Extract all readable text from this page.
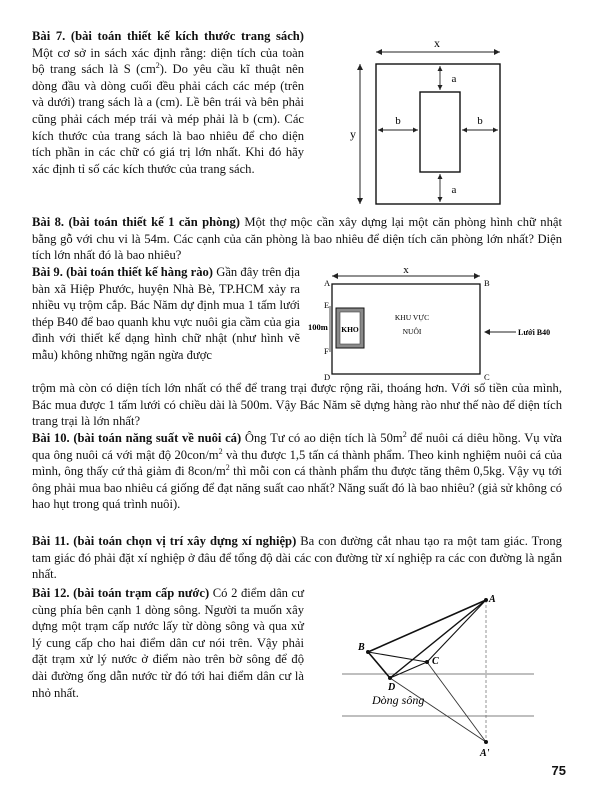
Bài 7. (bài toán thiết kế kích thước trang sách) Một cơ sở in sách xác định rằng: diện tích của toàn bộ trang sách là S $(cm^2)$. Do yêu cầu kĩ thuật nên dòng đầu và dòng cuối đều phải cách các mép (trên và dưới) trang sách là a (cm). Lề bên trái và bên phải cũng phải cách mép trái và mép phải là b (cm). Các kích thước của trang sách là bao nhiêu để cho diện tích phần in các chữ có giá trị lớn nhất. Khi đó hãy xác định tỉ số các kích thước của trang sách.

x
y
a
a
b	b

Bài 8. (bài toán thiết kế 1 căn phòng) Một thợ mộc cần xây dựng lại một căn phòng hình chữ nhật bằng gỗ với chu vi là 54m. Các cạnh của căn phòng là bao nhiêu để diện tích căn phòng lớn nhất? Diện tích lớn nhất đó là bao nhiêu?

Bài 9. (bài toán thiết kế hàng rào) Gần đây trên địa bàn xã Hiệp Phước, huyện Nhà Bè, TP.HCM xảy ra nhiều vụ trộm cắp. Bác Năm dự định mua 1 tấm lưới thép B40 để bao quanh khu vực nuôi gia cầm của gia đình với thiết kế dạng hình chữ nhật (như hình vẽ mẫu) không những ngăn ngừa được

x
A	B
C
D
E
F
100m KHO
KHU VỰC
NUÔI	Lưới B40

trộm mà còn có diện tích lớn nhất có thể để trang trại được rộng rãi, thoáng hơn. Với số tiền của mình, Bác mua được 1 tấm lưới có chiều dài là 500m. Vậy Bác Năm sẽ dựng hàng rào như thế nào để diện tích trang trại là lớn nhất?

Bài 10. (bài toán năng suất về nuôi cá) Ông Tư có ao diện tích là $50m^2$ để nuôi cá diêu hồng. Vụ vừa qua ông nuôi cá với mật độ $20con/m^2$ và thu được 1,5 tấn cá thành phẩm. Theo kinh nghiệm nuôi cá của mình, ông thấy cứ thả giảm đi $8con/m^2$ thì mỗi con cá thành phẩm thu được tăng thêm 0,5kg. Vậy vụ tới ông phải mua bao nhiêu cá giống để đạt năng suất cao nhất? Năng suất đó là bao nhiêu? (giả sử không có hao hụt trong quá trình nuôi).

Bài 11. (bài toán chọn vị trí xây dựng xí nghiệp) Ba con đường cắt nhau tạo ra một tam giác. Trong tam giác đó phải đặt xí nghiệp ở đâu để tổng độ dài các con đường từ xí nghiệp ra các con đường là ngắn nhất.

Bài 12. (bài toán trạm cấp nước) Có 2 điểm dân cư cùng phía bên cạnh 1 dòng sông. Người ta muốn xây dựng một trạm cấp nước lấy từ dòng sông và qua xử lý cung cấp cho hai điểm dân cư nói trên. Vậy phải đặt trạm xử lý nước ở điểm nào trên bờ sông để độ dài đường ống dẫn nước từ đó tới hai điểm dân cư là nhỏ nhất.

A
B
C
D
A'
Dòng sông
75
